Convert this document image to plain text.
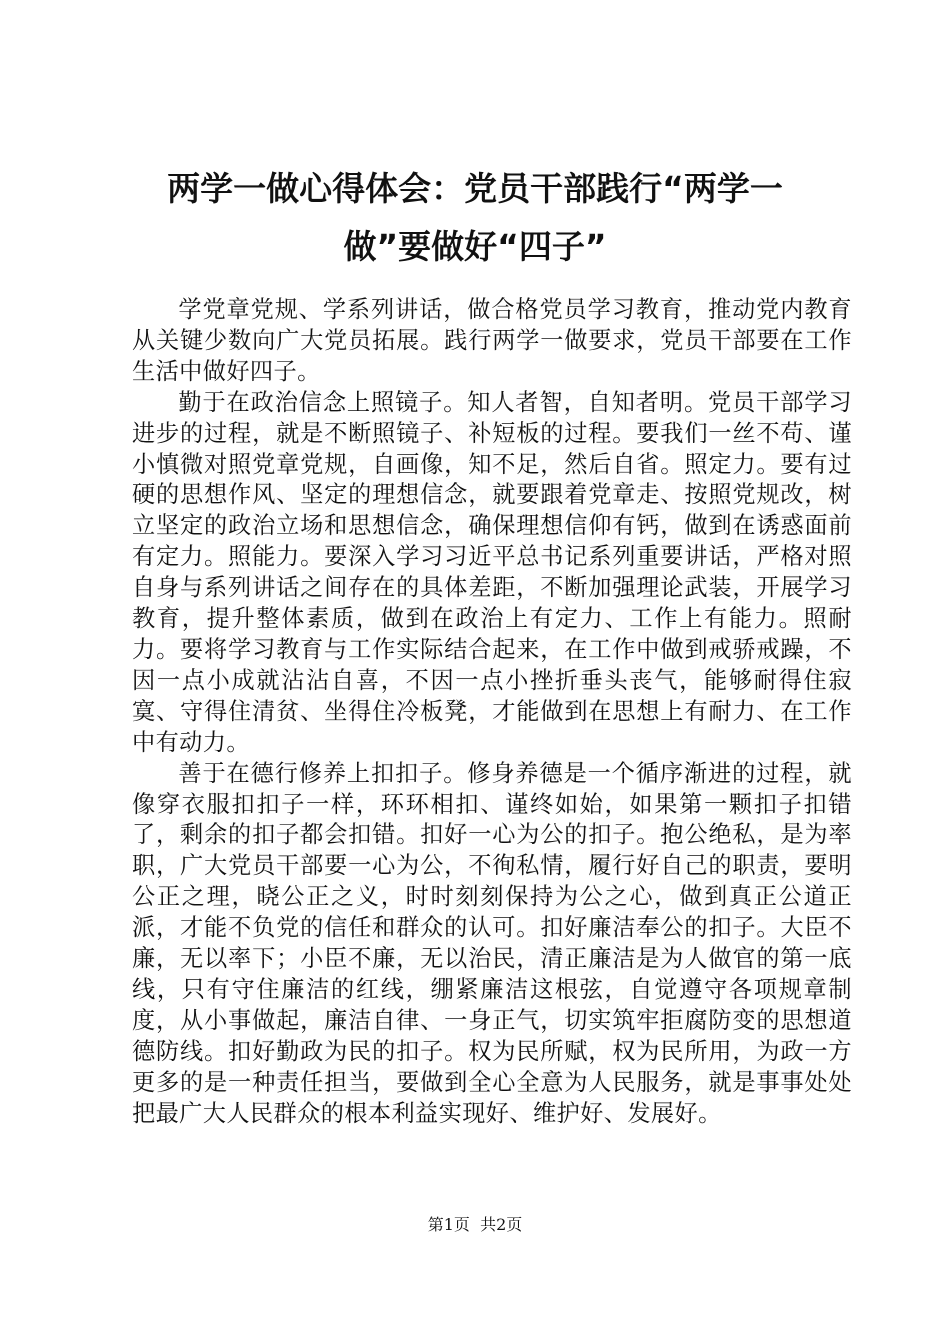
两学一做心得体会：党员干部践行“两学一
做”要做好“四子”

学党章党规、学系列讲话，做合格党员学习教育，推动党内教育从关键少数向广大党员拓展。践行两学一做要求，党员干部要在工作生活中做好四子。

勤于在政治信念上照镜子。知人者智，自知者明。党员干部学习进步的过程，就是不断照镜子、补短板的过程。要我们一丝不苟、谨小慎微对照党章党规，自画像，知不足，然后自省。照定力。要有过硬的思想作风、坚定的理想信念，就要跟着党章走、按照党规改，树立坚定的政治立场和思想信念，确保理想信仰有钙，做到在诱惑面前有定力。照能力。要深入学习习近平总书记系列重要讲话，严格对照自身与系列讲话之间存在的具体差距，不断加强理论武装，开展学习教育，提升整体素质，做到在政治上有定力、工作上有能力。照耐力。要将学习教育与工作实际结合起来，在工作中做到戒骄戒躁，不因一点小成就沾沾自喜，不因一点小挫折垂头丧气，能够耐得住寂寞、守得住清贫、坐得住冷板凳，才能做到在思想上有耐力、在工作中有动力。

善于在德行修养上扣扣子。修身养德是一个循序渐进的过程，就像穿衣服扣扣子一样，环环相扣、谨终如始，如果第一颗扣子扣错了，剩余的扣子都会扣错。扣好一心为公的扣子。抱公绝私，是为率职，广大党员干部要一心为公，不徇私情，履行好自己的职责，要明公正之理，晓公正之义，时时刻刻保持为公之心，做到真正公道正派，才能不负党的信任和群众的认可。扣好廉洁奉公的扣子。大臣不廉，无以率下；小臣不廉，无以治民，清正廉洁是为人做官的第一底线，只有守住廉洁的红线，绷紧廉洁这根弦，自觉遵守各项规章制度，从小事做起，廉洁自律、一身正气，切实筑牢拒腐防变的思想道德防线。扣好勤政为民的扣子。权为民所赋，权为民所用，为政一方更多的是一种责任担当，要做到全心全意为人民服务，就是事事处处把最广大人民群众的根本利益实现好、维护好、发展好。

第1页  共2页
